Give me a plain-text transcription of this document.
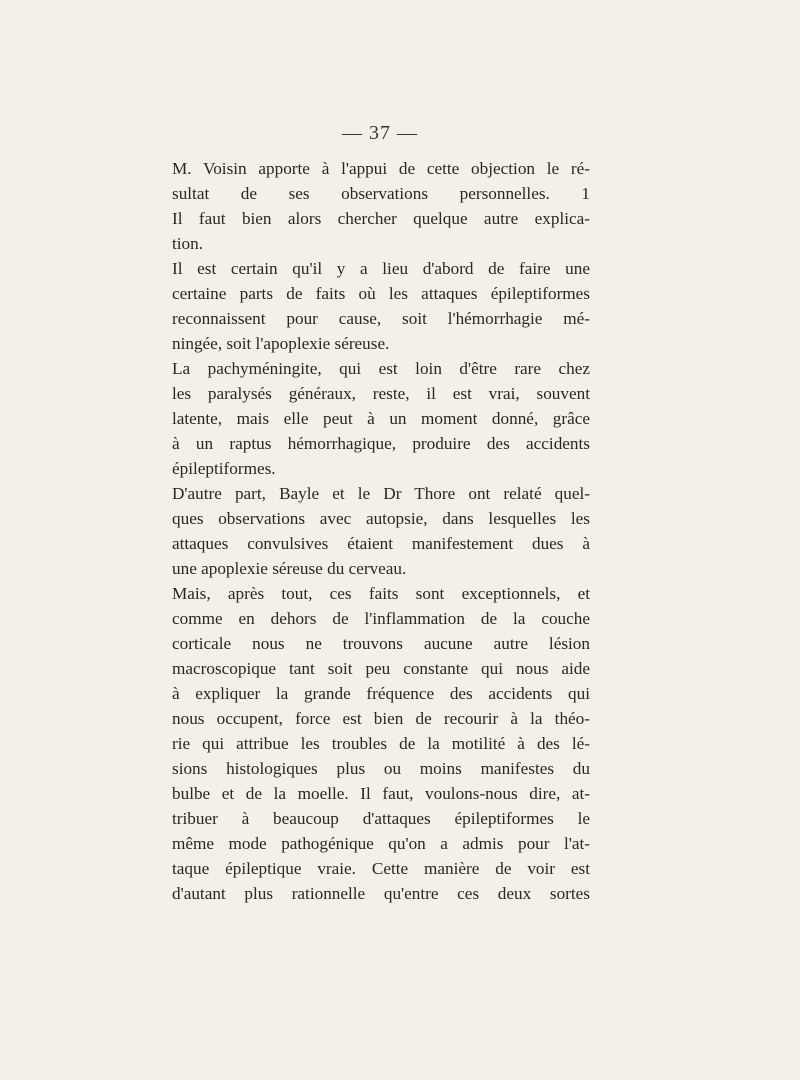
— 37 —
M. Voisin apporte à l'appui de cette objection le ré-
sultat de ses observations personnelles. 1
Il faut bien alors chercher quelque autre explica-
tion.
Il est certain qu'il y a lieu d'abord de faire une
certaine parts de faits où les attaques épileptiformes
reconnaissent pour cause, soit l'hémorrhagie mé-
ningée, soit l'apoplexie séreuse.
La pachyméningite, qui est loin d'être rare chez
les paralysés généraux, reste, il est vrai, souvent
latente, mais elle peut à un moment donné, grâce
à un raptus hémorrhagique, produire des accidents
épileptiformes.
D'autre part, Bayle et le Dr Thore ont relaté quel-
ques observations avec autopsie, dans lesquelles les
attaques convulsives étaient manifestement dues à
une apoplexie séreuse du cerveau.
Mais, après tout, ces faits sont exceptionnels, et
comme en dehors de l'inflammation de la couche
corticale nous ne trouvons aucune autre lésion
macroscopique tant soit peu constante qui nous aide
à expliquer la grande fréquence des accidents qui
nous occupent, force est bien de recourir à la théo-
rie qui attribue les troubles de la motilité à des lé-
sions histologiques plus ou moins manifestes du
bulbe et de la moelle. Il faut, voulons-nous dire, at-
tribuer à beaucoup d'attaques épileptiformes le
même mode pathogénique qu'on a admis pour l'at-
taque épileptique vraie. Cette manière de voir est
d'autant plus rationnelle qu'entre ces deux sortes
